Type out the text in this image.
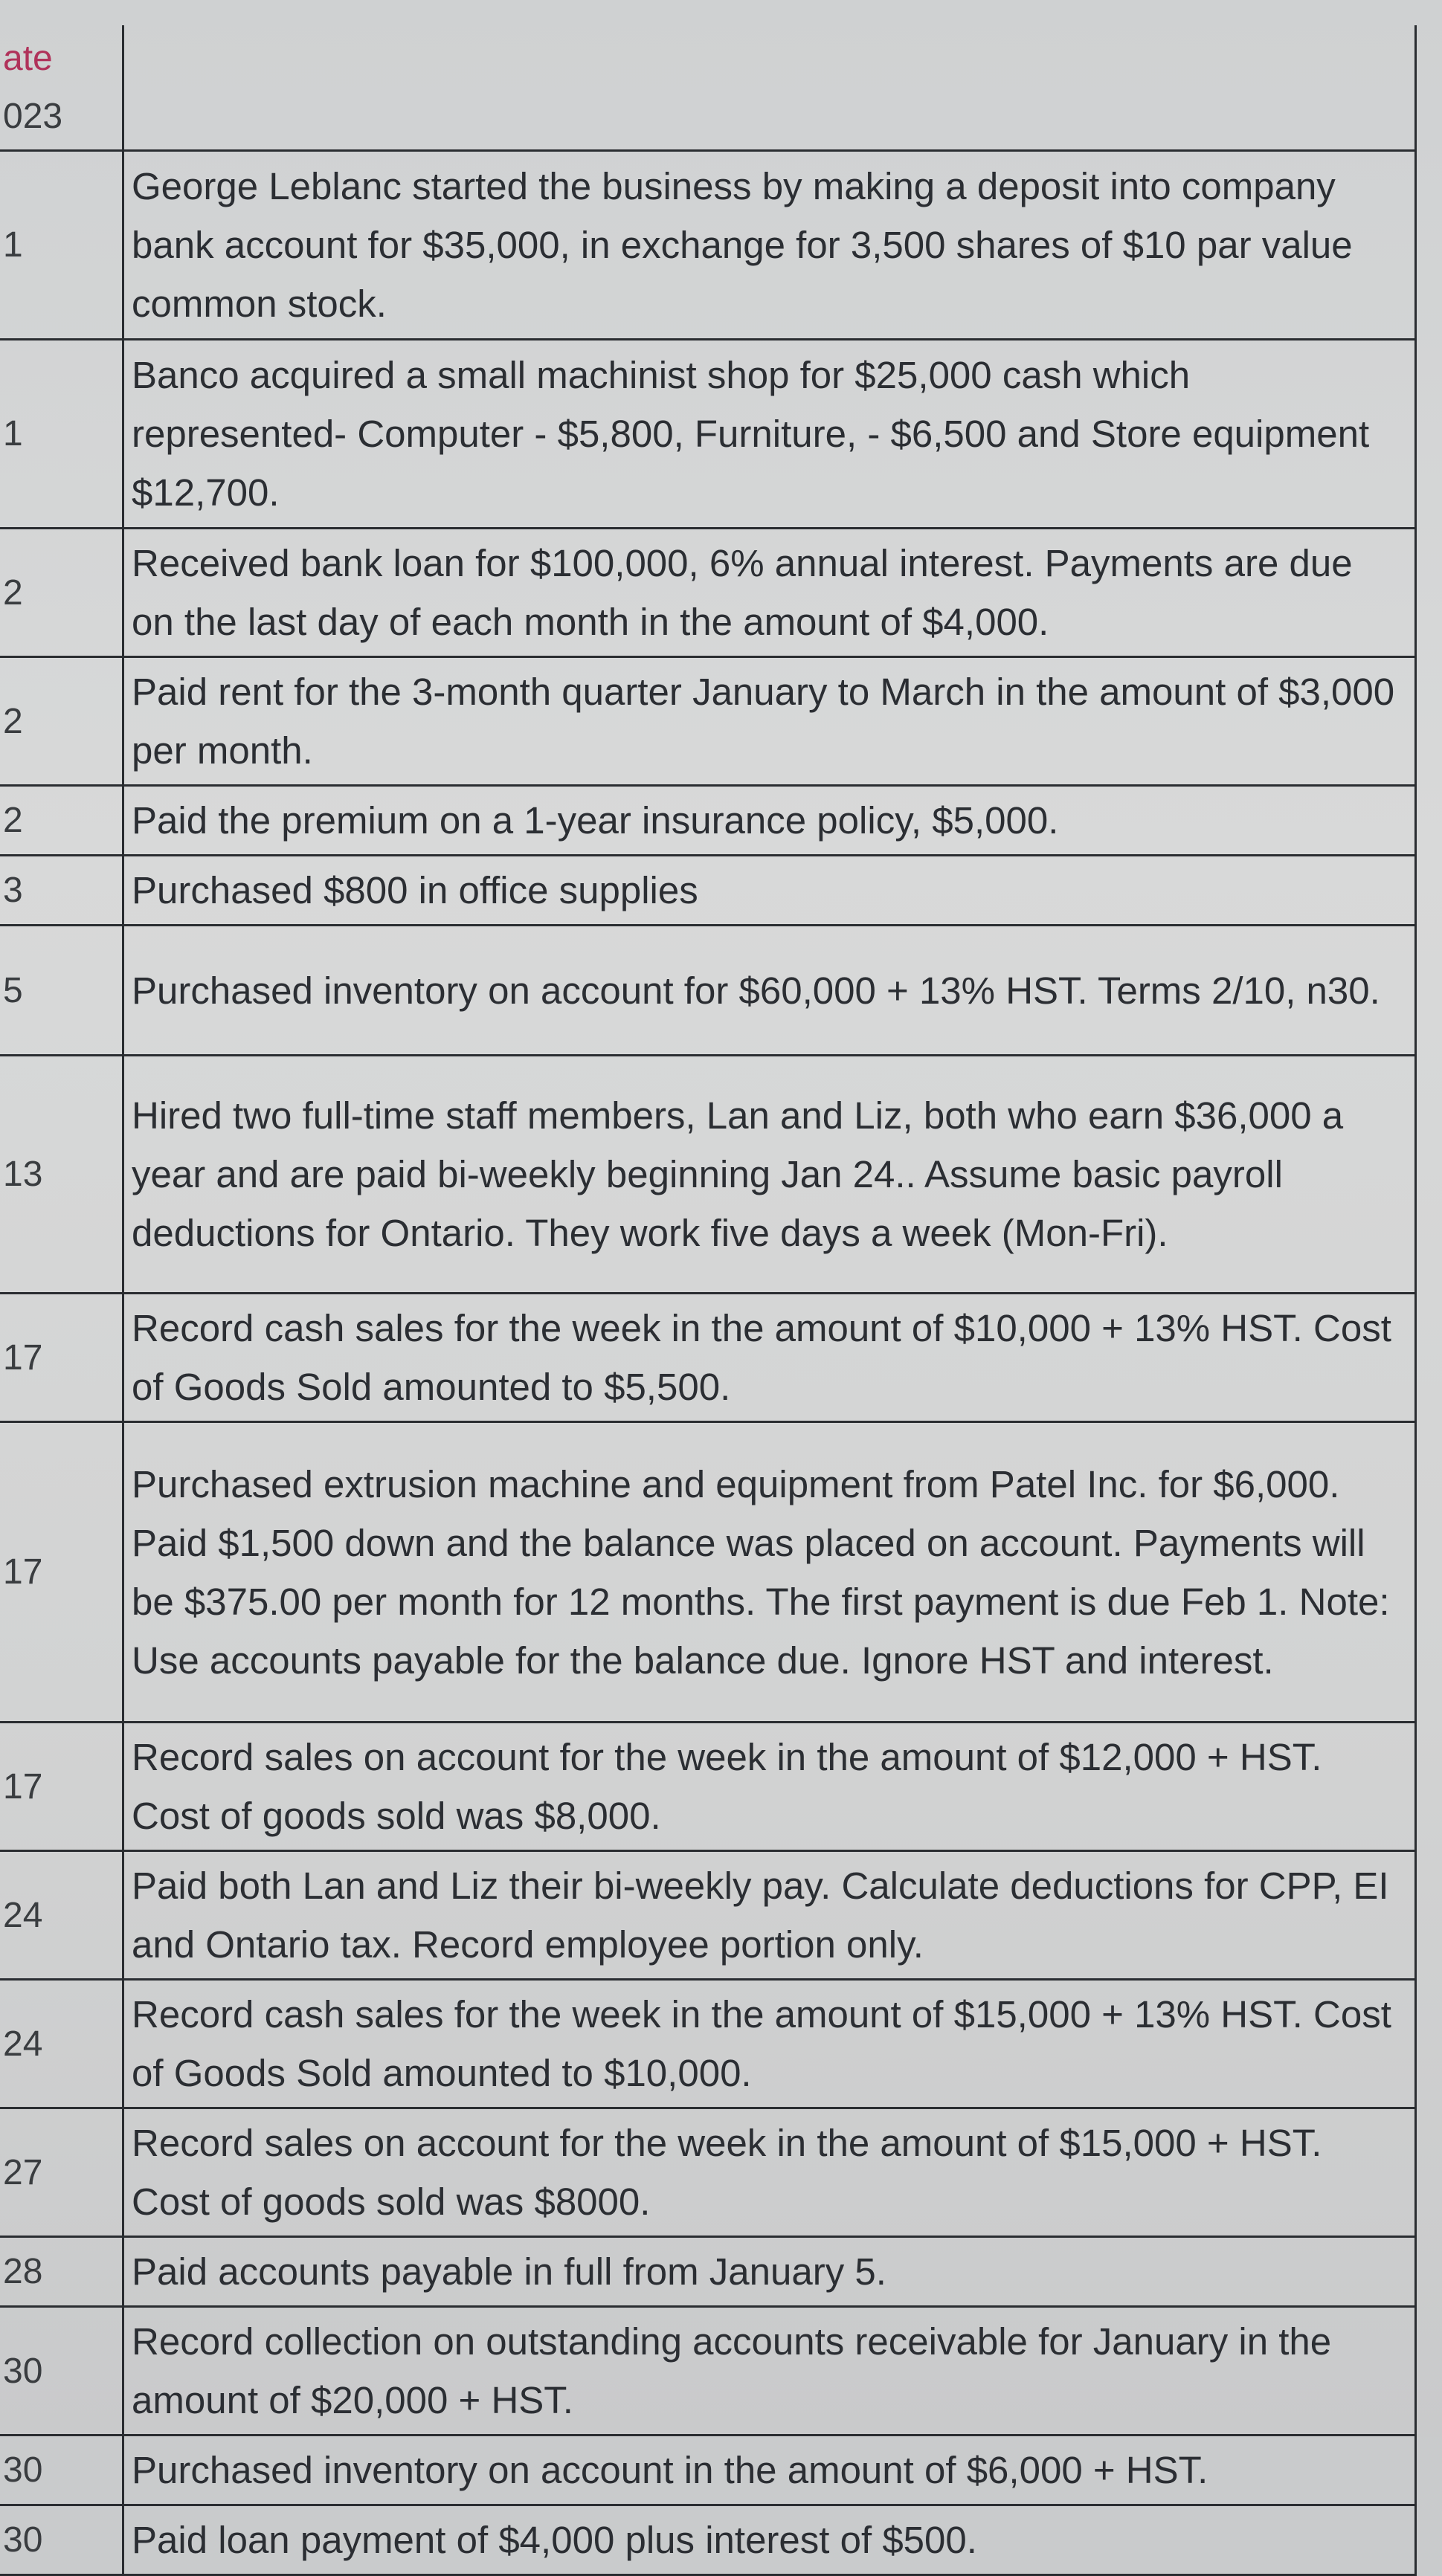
ate
023	

1	George Leblanc started the business by making a deposit into company bank account for $35,000, in exchange for 3,500 shares of $10 par value common stock.
1	Banco acquired a small machinist shop for $25,000 cash which represented- Computer - $5,800, Furniture, - $6,500 and Store equipment $12,700.
2	Received bank loan for $100,000, 6% annual interest. Payments are due on the last day of each month in the amount of $4,000.
2	Paid rent for the 3-month quarter January to March in the amount of $3,000 per month.
2	Paid the premium on a 1-year insurance policy, $5,000.
3	Purchased $800 in office supplies
5	Purchased inventory on account for $60,000 + 13% HST. Terms 2/10, n30.
13	Hired two full-time staff members, Lan and Liz, both who earn $36,000 a year and are paid bi-weekly beginning Jan 24.. Assume basic payroll deductions for Ontario. They work five days a week (Mon-Fri).
17	Record cash sales for the week in the amount of $10,000 + 13% HST. Cost of Goods Sold amounted to $5,500.
17	Purchased extrusion machine and equipment from Patel Inc. for $6,000. Paid $1,500 down and the balance was placed on account. Payments will be $375.00 per month for 12 months. The first payment is due Feb 1. Note: Use accounts payable for the balance due. Ignore HST and interest.
17	Record sales on account for the week in the amount of $12,000 + HST. Cost of goods sold was $8,000.
24	Paid both Lan and Liz their bi-weekly pay. Calculate deductions for CPP, EI and Ontario tax. Record employee portion only.
24	Record cash sales for the week in the amount of $15,000 + 13% HST. Cost of Goods Sold amounted to $10,000.
27	Record sales on account for the week in the amount of $15,000 + HST. Cost of goods sold was $8000.
28	Paid accounts payable in full from January 5.
30	Record collection on outstanding accounts receivable for January in the amount of $20,000 + HST.
30	Purchased inventory on account in the amount of $6,000 + HST.
30	Paid loan payment of $4,000 plus interest of $500.
